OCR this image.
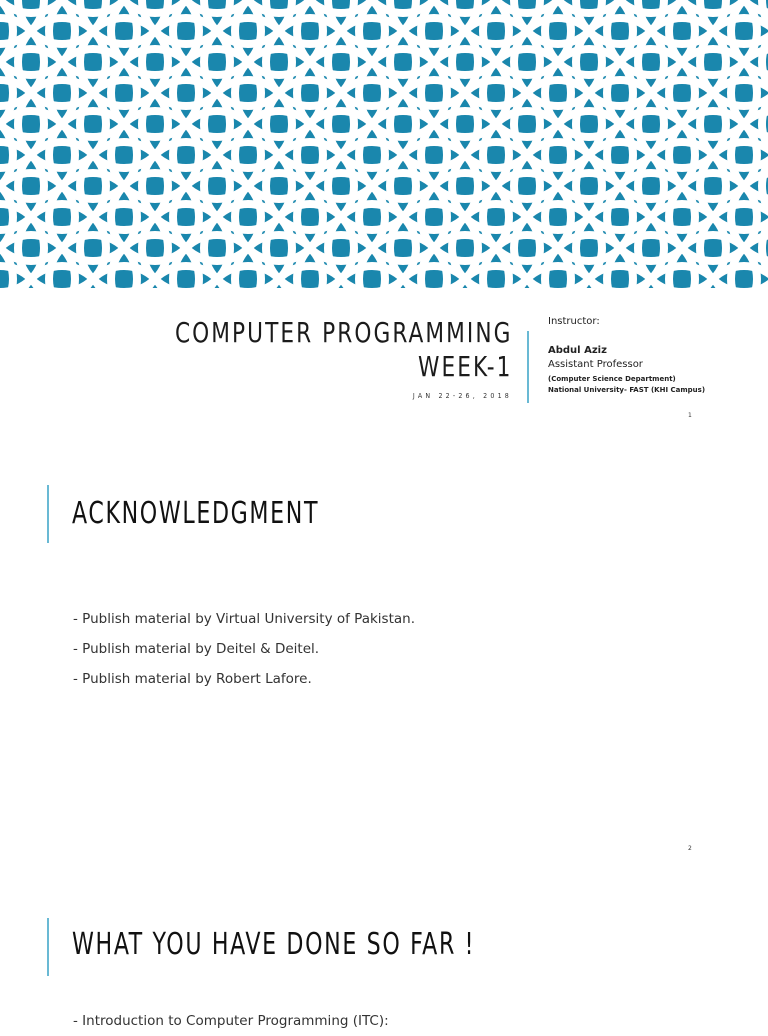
COMPUTER PROGRAMMING
WEEK-1
JAN 22-26, 2018
Instructor:
Abdul Aziz
Assistant Professor
(Computer Science Department)
National University- FAST (KHI Campus)
1
ACKNOWLEDGMENT
- Publish material by Virtual University of Pakistan.
- Publish material by Deitel & Deitel.
- Publish material by Robert Lafore.
2
WHAT YOU HAVE DONE SO FAR !
- Introduction to Computer Programming (ITC):
